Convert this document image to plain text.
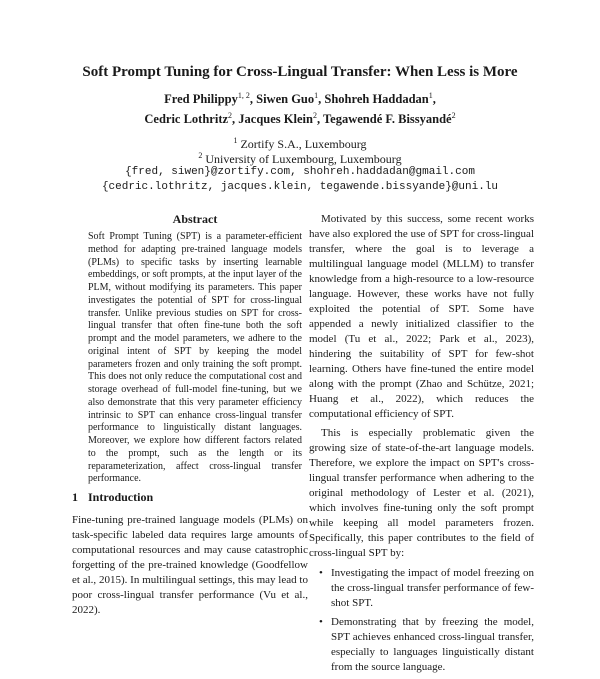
Soft Prompt Tuning for Cross-Lingual Transfer: When Less is More
Fred Philippy$^{1, 2}$, Siwen Guo$^1$, Shohreh Haddadan$^1$,
Cedric Lothritz$^2$, Jacques Klein$^2$, Tegawendé F. Bissyandé$^2$
$^1$ Zortify S.A., Luxembourg
$^2$ University of Luxembourg, Luxembourg
{fred, siwen}@zortify.com, shohreh.haddadan@gmail.com
{cedric.lothritz, jacques.klein, tegawende.bissyande}@uni.lu
Abstract
Soft Prompt Tuning (SPT) is a parameter-efficient method for adapting pre-trained language models (PLMs) to specific tasks by inserting learnable embeddings, or soft prompts, at the input layer of the PLM, without modifying its parameters. This paper investigates the potential of SPT for cross-lingual transfer. Unlike previous studies on SPT for cross-lingual transfer that often fine-tune both the soft prompt and the model parameters, we adhere to the original intent of SPT by keeping the model parameters frozen and only training the soft prompt. This does not only reduce the computational cost and storage overhead of full-model fine-tuning, but we also demonstrate that this very parameter efficiency intrinsic to SPT can enhance cross-lingual transfer performance to linguistically distant languages. Moreover, we explore how different factors related to the prompt, such as the length or its reparameterization, affect cross-lingual transfer performance.
1 Introduction
Fine-tuning pre-trained language models (PLMs) on task-specific labeled data requires large amounts of computational resources and may cause catastrophic forgetting of the pre-trained knowledge (Goodfellow et al., 2015). In multilingual settings, this may lead to poor cross-lingual transfer performance (Vu et al., 2022).

Motivated by this success, some recent works have also explored the use of SPT for cross-lingual transfer, where the goal is to leverage a multilingual language model (MLLM) to transfer knowledge from a high-resource to a low-resource language. However, these works have not fully exploited the potential of SPT. Some have appended a newly initialized classifier to the model (Tu et al., 2022; Park et al., 2023), hindering the suitability of SPT for few-shot learning. Others have fine-tuned the entire model along with the prompt (Zhao and Schütze, 2021; Huang et al., 2022), which reduces the computational efficiency of SPT.

This is especially problematic given the growing size of state-of-the-art language models. Therefore, we explore the impact on SPT's cross-lingual transfer performance when adhering to the original methodology of Lester et al. (2021), which involves fine-tuning only the soft prompt while keeping all model parameters frozen. Specifically, this paper contributes to the field of cross-lingual SPT by:

• Investigating the impact of model freezing on the cross-lingual transfer performance of few-shot SPT.
• Demonstrating that by freezing the model, SPT achieves enhanced cross-lingual transfer, especially to languages linguistically distant from the source language.
